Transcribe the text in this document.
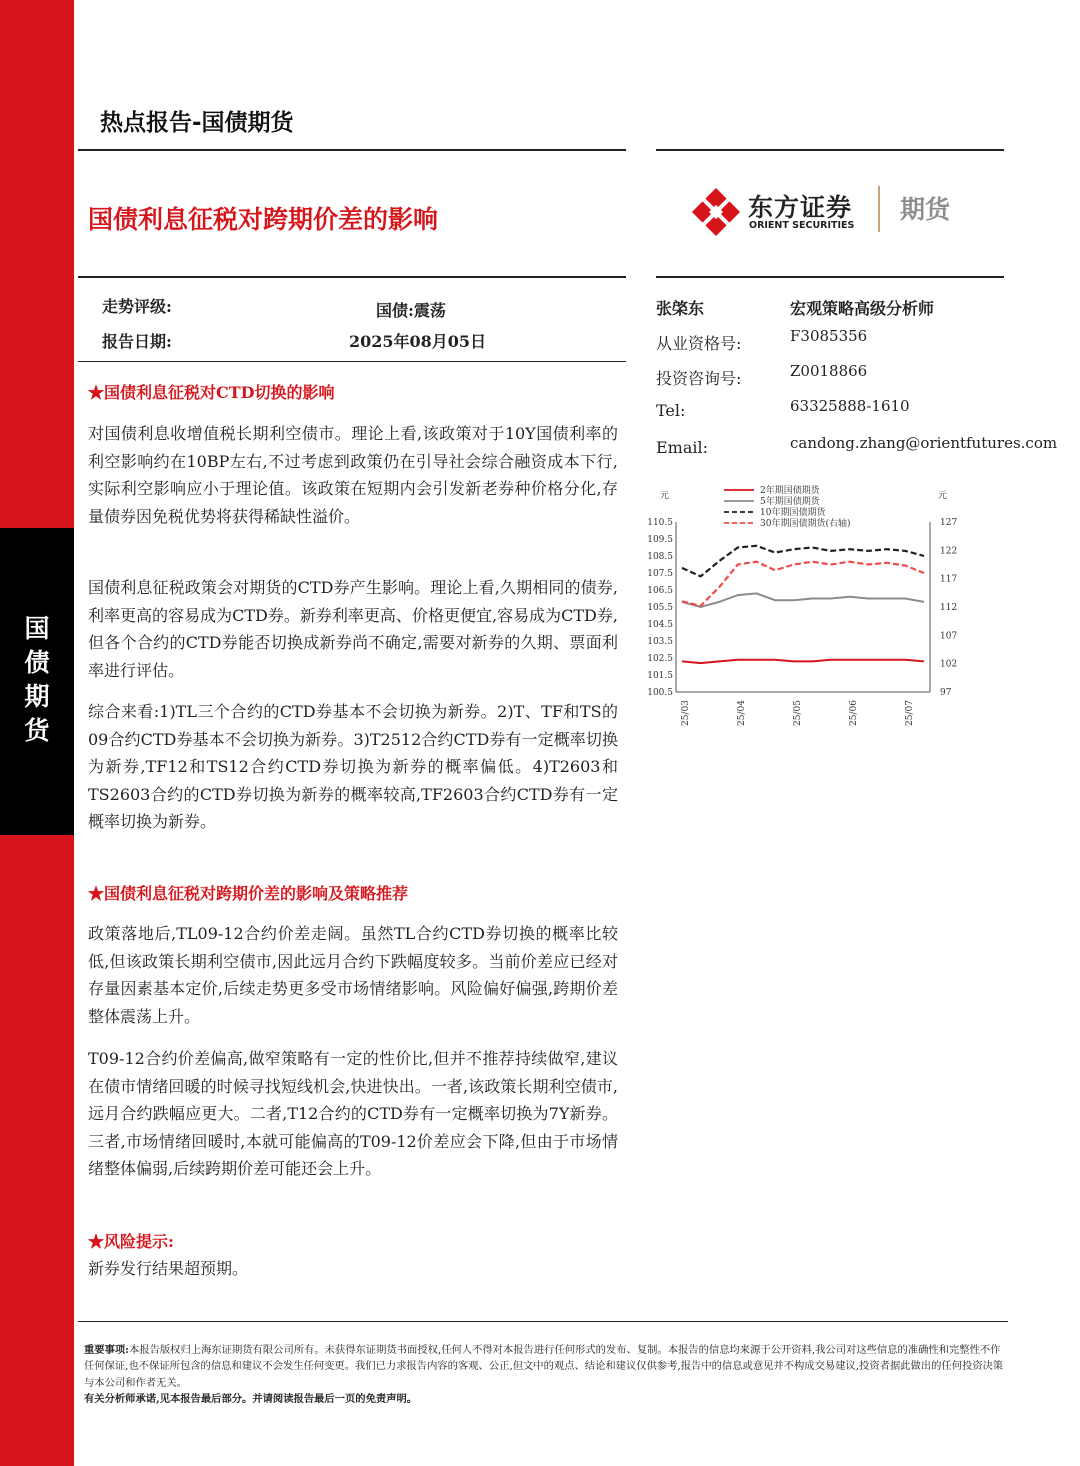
国
债
期
货
热点报告-国债期货
国债利息征税对跨期价差的影响	东方证券
ORIENT SECURITIES
期货
走势评级:	国债:震荡
报告日期:	2025年08月05日
张棨东	宏观策略高级分析师
从业资格号:	F3085356
投资咨询号:	Z0018866
Tel:	63325888-1610
Email:	candong.zhang@orientfutures.com
元	元
2年期国债期货
5年期国债期货
10年期国债期货
30年期国债期货(右轴)
110.5
109.5
108.5
107.5
106.5
105.5
104.5
103.5
102.5
101.5
100.5
127
122
117
112
107
102
97
25/03	25/04	25/05	25/06	25/07
★国债利息征税对CTD切换的影响

对国债利息收增值税长期利空债市。理论上看,该政策对于10Y国债利率的利空影响约在10BP左右,不过考虑到政策仍在引导社会综合融资成本下行,实际利空影响应小于理论值。该政策在短期内会引发新老券种价格分化,存量债券因免税优势将获得稀缺性溢价。

国债利息征税政策会对期货的CTD券产生影响。理论上看,久期相同的债券,利率更高的容易成为CTD券。新券利率更高、价格更便宜,容易成为CTD券,但各个合约的CTD券能否切换成新券尚不确定,需要对新券的久期、票面利率进行评估。

综合来看:1)TL三个合约的CTD券基本不会切换为新券。2)T、TF和TS的09合约CTD券基本不会切换为新券。3)T2512合约CTD券有一定概率切换为新券,TF12和TS12合约CTD券切换为新券的概率偏低。4)T2603和TS2603合约的CTD券切换为新券的概率较高,TF2603合约CTD券有一定概率切换为新券。

★国债利息征税对跨期价差的影响及策略推荐

政策落地后,TL09-12合约价差走阔。虽然TL合约CTD券切换的概率比较低,但该政策长期利空债市,因此远月合约下跌幅度较多。当前价差应已经对存量因素基本定价,后续走势更多受市场情绪影响。风险偏好偏强,跨期价差整体震荡上升。

T09-12合约价差偏高,做窄策略有一定的性价比,但并不推荐持续做窄,建议在债市情绪回暖的时候寻找短线机会,快进快出。一者,该政策长期利空债市,远月合约跌幅应更大。二者,T12合约的CTD券有一定概率切换为7Y新券。三者,市场情绪回暖时,本就可能偏高的T09-12价差应会下降,但由于市场情绪整体偏弱,后续跨期价差可能还会上升。

★风险提示:

新券发行结果超预期。

重要事项:本报告版权归上海东证期货有限公司所有。未获得东证期货书面授权,任何人不得对本报告进行任何形式的发布、复制。本报告的信息均来源于公开资料,我公司对这些信息的准确性和完整性不作任何保证,也不保证所包含的信息和建议不会发生任何变更。我们已力求报告内容的客观、公正,但文中的观点、结论和建议仅供参考,报告中的信息或意见并不构成交易建议,投资者据此做出的任何投资决策与本公司和作者无关。
有关分析师承诺,见本报告最后部分。并请阅读报告最后一页的免责声明。
